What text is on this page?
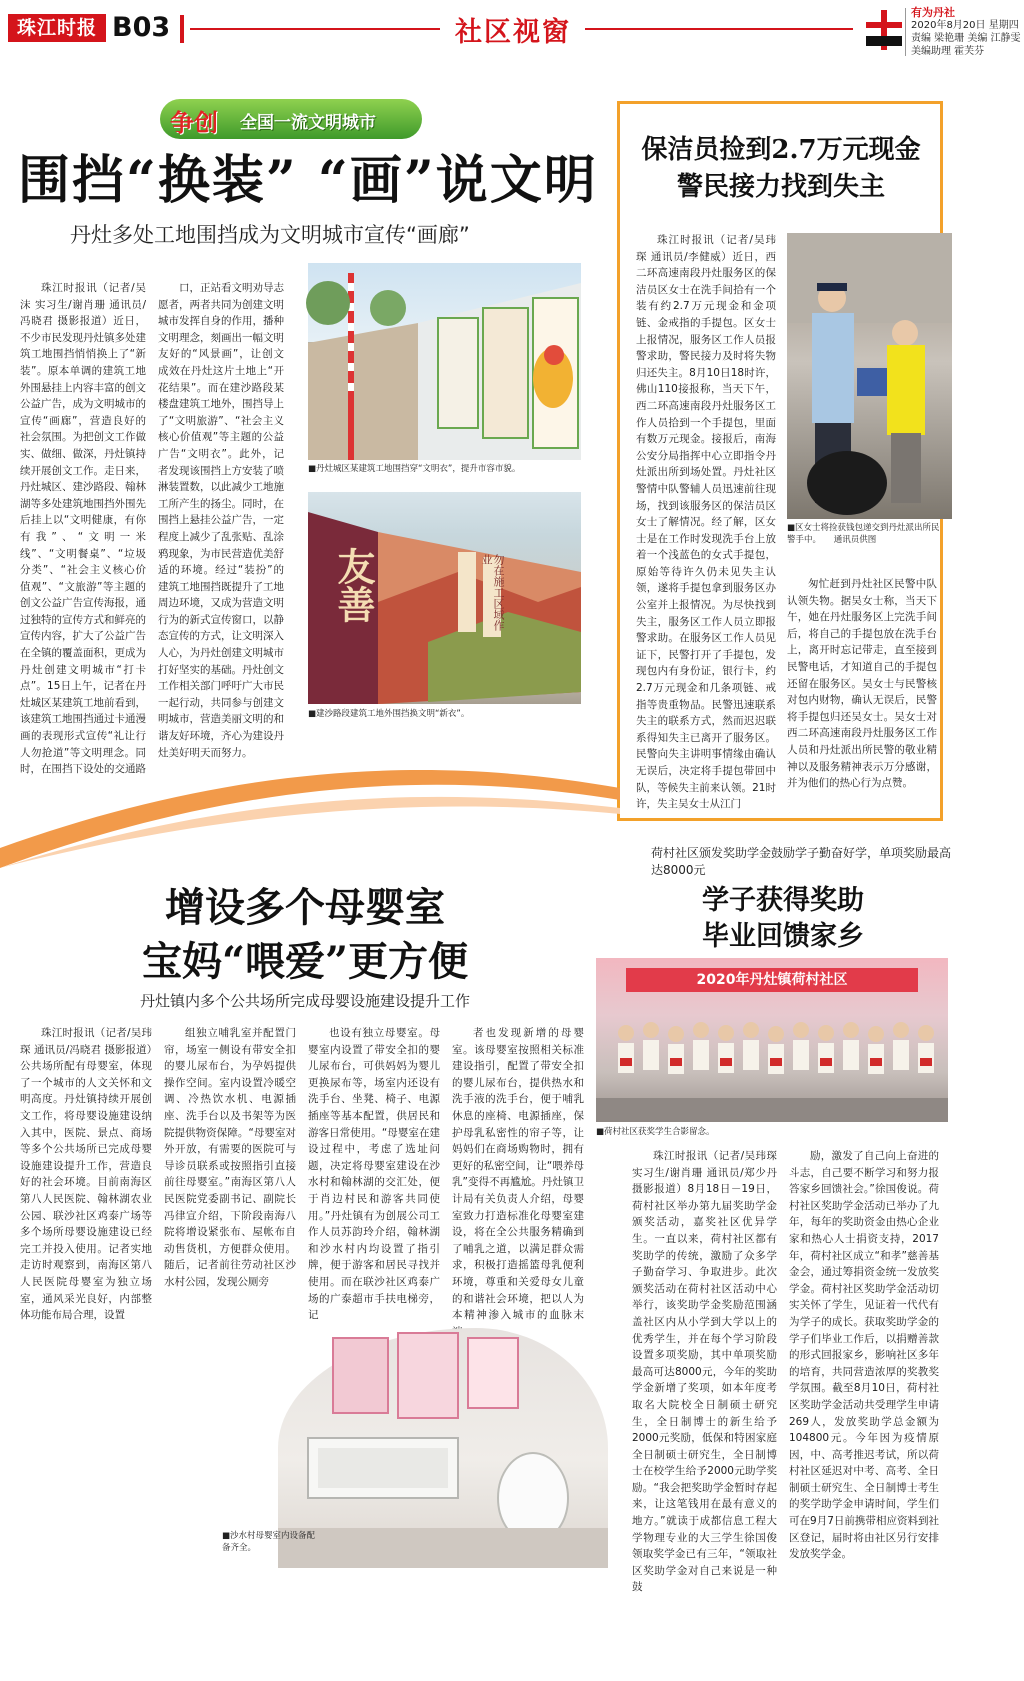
珠江时报 B03	社区视窗
有为丹社
2020年8月20日 星期四
责编 梁艳珊 美编 江静雯
美编助理 霍芙芬
争创 全国一流文明城市
围挡“换装” “画”说文明
丹灶多处工地围挡成为文明城市宣传“画廊”

珠江时报讯（记者/吴沫 实习生/谢肖珊 通讯员/冯晓君 摄影报道）近日，不少市民发现丹灶镇多处建筑工地围挡悄悄换上了“新装”。原本单调的建筑工地外围悬挂上内容丰富的创文公益广告，成为文明城市的宣传“画廊”，营造良好的社会氛围。为把创文工作做实、做细、做深，丹灶镇持续开展创文工作。走日来，丹灶城区、建沙路段、翰林湖等多处建筑地围挡外围先后挂上以“文明健康，有你有我”、“文明一米线”、“文明餐桌”、“垃圾分类”、“社会主义核心价值观”、“文旅游”等主题的创文公益广告宣传海报，通过独特的宣传方式和鲜亮的宣传内容，扩大了公益广告在全镇的覆盖面积，更成为丹灶创建文明城市“打卡点”。15日上午，记者在丹灶城区某建筑工地前看到，该建筑工地围挡通过卡通漫画的表现形式宣传“礼让行人勿抢道”等文明理念。同时，在围挡下设处的交通路

口，正站看文明劝导志愿者，两者共同为创建文明城市发挥自身的作用，播种文明理念，刻画出一幅文明友好的“风景画”，让创文成效在丹灶这片土地上“开花结果”。而在建沙路段某楼盘建筑工地外，围挡导上了“文明旅游”、“社会主义核心价值观”等主题的公益广告“文明衣”。此外，记者发现该围挡上方安装了喷淋装置数，以此减少工地施工所产生的扬尘。同时，在围挡上悬挂公益广告，一定程度上减少了乱张贴、乱涂鸦现象，为市民营造优美舒适的环境。经过“装扮”的建筑工地围挡既提升了工地周边环境，又成为营造文明行为的新式宣传窗口，以静态宣传的方式，让文明深入人心，为丹灶创建文明城市打好坚实的基础。丹灶创文工作相关部门呼吁广大市民一起行动，共同参与创建文明城市，营造美丽文明的和谐友好环境，齐心为建设丹灶美好明天而努力。

■丹灶城区某建筑工地围挡穿“文明衣”，提升市容市貌。
友善	勿在施工区域作业
■建沙路段建筑工地外围挡换文明“新衣”。
保洁员捡到2.7万元现金
警民接力找到失主

珠江时报讯（记者/吴玮琛 通讯员/李健威）近日，西二环高速南段丹灶服务区的保洁员区女士在洗手间拾有一个装有约2.7万元现金和金项链、金戒指的手提包。区女士上报情况，服务区工作人员报警求助，警民接力及时将失物归还失主。8月10日18时许，佛山110接报称，当天下午，西二环高速南段丹灶服务区工作人员拾到一个手提包，里面有数万元现金。接报后，南海公安分局指挥中心立即指令丹灶派出所到场处置。丹灶社区警情中队警辅人员迅速前往现场，找到该服务区的保洁员区女士了解情况。经了解，区女士是在工作时发现洗手台上放着一个浅蓝色的女式手提包，原始等待许久仍未见失主认领，遂将手提包拿到服务区办公室并上报情况。为尽快找到失主，服务区工作人员立即报警求助。在服务区工作人员见证下，民警打开了手提包，发现包内有身份证，银行卡，约2.7万元现金和几条项链、戒指等贵重物品。民警迅速联系失主的联系方式，然而迟迟联系得知失主已离开了服务区。民警向失主讲明事情缘由确认无误后，决定将手提包带回中队，等候失主前来认领。21时许，失主吴女士从江门

■区女士将捡获钱包递交到丹灶派出所民警手中。　　通讯员供图

匆忙赶到丹灶社区民警中队认领失物。据吴女士称，当天下午，她在丹灶服务区上完洗手间后，将自己的手提包放在洗手台上，离开时忘记带走，直至接到民警电话，才知道自己的手提包还留在服务区。吴女士与民警核对包内财物，确认无误后，民警将手提包归还吴女士。吴女士对西二环高速南段丹灶服务区工作人员和丹灶派出所民警的敬业精神以及服务精神表示万分感谢，并为他们的热心行为点赞。

增设多个母婴室
宝妈“喂爱”更方便
丹灶镇内多个公共场所完成母婴设施建设提升工作

珠江时报讯（记者/吴玮琛 通讯员/冯晓君 摄影报道）公共场所配有母婴室，体现了一个城市的人文关怀和文明高度。丹灶镇持续开展创文工作，将母婴设施建设纳入其中，医院、景点、商场等多个公共场所已完成母婴设施建设提升工作，营造良好的社会环境。目前南海区第八人民医院、翰林湖农业公园、联沙社区鸡泰广场等多个场所母婴设施建设已经完工并投入使用。记者实地走访时观察到，南海区第八人民医院母婴室为独立场室，通风采光良好，内部整体功能布局合理，设置

组独立哺乳室并配置门帘，场室一侧设有带安全扣的婴儿尿布台，为孕妈提供操作空间。室内设置冷暖空调、冷热饮水机、电源插座、洗手台以及书架等为医院提供物资保障。“母婴室对外开放，有需要的医院可与导诊员联系或按照指引直接前往母婴室。”南海区第八人民医院党委副书记、副院长冯律宣介绍，下阶段南海八院将增设紧张布、屋帐布自动售货机，方便群众使用。随后，记者前往劳动社区沙水村公园，发现公厕旁

也设有独立母婴室。母婴室内设置了带安全扣的婴儿尿布台，可供妈妈为婴儿更换尿布等，场室内还设有洗手台、坐凳、椅子、电源插座等基本配置，供居民和游客日常使用。“母婴室在建设过程中，考虑了选址问题，决定将母婴室建设在沙水村和翰林湖的交汇处，便于肖边村民和游客共同使用。”丹灶镇有为创展公司工作人员苏韵玲介绍，翰林湖和沙水村内均设置了指引牌，便于游客和居民寻找并使用。而在联沙社区鸡泰广场的广泰超市手扶电梯旁，记

者也发现新增的母婴室。该母婴室按照相关标准建设指引，配置了带安全扣的婴儿尿布台，提供热水和洗手液的洗手台，便于哺乳休息的座椅、电源插座，保护母乳私密性的帘子等，让妈妈们在商场购物时，拥有更好的私密空间，让“喂养母乳”变得不再尴尬。丹灶镇卫计局有关负责人介绍，母婴室致力打造标准化母婴室建设，将在全公共服务精确到了哺乳之道，以满足群众需求，积极打造摇篮母乳便利环境，尊重和关爱母女儿童的和谐社会环境，把以人为本精神渗入城市的血脉末

■沙水村母婴室内设备配备齐全。
荷村社区颁发奖助学金鼓励学子勤奋好学，单项奖励最高达8000元
学子获得奖助
毕业回馈家乡
2020年丹灶镇荷村社区
■荷村社区获奖学生合影留念。

珠江时报讯（记者/吴玮琛 实习生/谢肖珊 通讯员/郑少丹 摄影报道）8月18日－19日，荷村社区举办第九届奖助学金颁奖活动，嘉奖社区优异学生。一直以来，荷村社区都有奖助学的传统，激励了众多学子勤奋学习、争取进步。此次颁奖活动在荷村社区活动中心举行，该奖助学金奖励范围涵盖社区内从小学到大学以上的优秀学生，并在每个学习阶段设置多项奖励，其中单项奖励最高可达8000元，今年的奖助学金新增了奖项，如本年度考取名大院校全日制硕士研究生，全日制博士的新生给予2000元奖励，低保和特困家庭全日制硕士研究生，全日制博士在校学生给予2000元助学奖励。“我会把奖助学金暂时存起来，让这笔钱用在最有意义的地方。”就读于成都信息工程大学物理专业的大三学生徐国俊领取奖学金已有三年，“领取社区奖助学金对自己来说是一种鼓

励，激发了自己向上奋进的斗志，自己要不断学习和努力报答家乡回馈社会。”徐国俊说。荷村社区奖助学金活动已举办了九年，每年的奖助资金由热心企业家和热心人士捐资支持，2017年，荷村社区成立“和孝”慈善基金会，通过筹捐资金统一发放奖学金。荷村社区奖助学金活动切实关怀了学生，见证着一代代有为学子的成长。获取奖助学金的学子们毕业工作后，以捐赠善款的形式回报家乡，影响社区多年的培育，共同营造浓厚的奖教奖学氛围。截至8月10日，荷村社区奖助学金活动共受理学生申请269人，发放奖助学总金额为104800元。今年因为疫情原因，中、高考推迟考试，所以荷村社区延迟对中考、高考、全日制硕士研究生、全日制博士考生的奖学助学金申请时间，学生们可在9月7日前携带相应资料到社区登记，届时将由社区另行安排发放奖学金。
